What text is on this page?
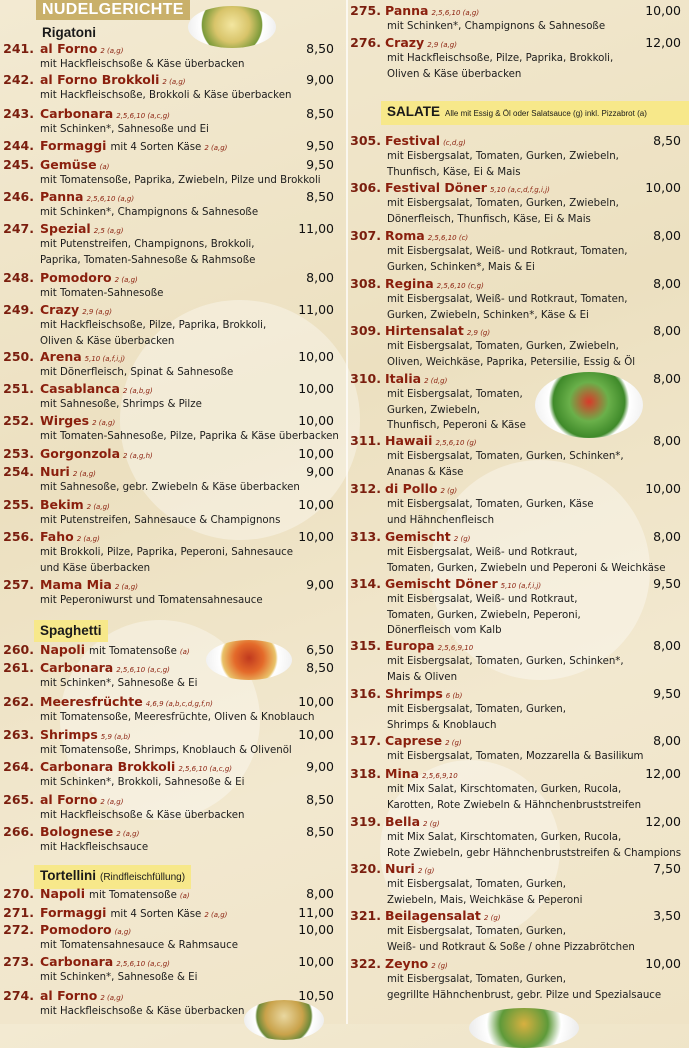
NUDELGERICHTE
Rigatoni
241. al Forno 2 (a,g)	8,50
mit Hackfleischsoße & Käse überbacken
242. al Forno Brokkoli 2 (a,g)	9,00
mit Hackfleischsoße, Brokkoli & Käse überbacken
243. Carbonara 2,5,6,10 (a,c,g)	8,50
mit Schinken*, Sahnesoße und Ei
244. Formaggi mit 4 Sorten Käse 2 (a,g)	9,50
245. Gemüse (a)	9,50
mit Tomatensoße, Paprika, Zwiebeln, Pilze und Brokkoli
246. Panna 2,5,6,10 (a,g)	8,50
mit Schinken*, Champignons & Sahnesoße
247. Spezial 2,5 (a,g)	11,00
mit Putenstreifen, Champignons, Brokkoli,
Paprika, Tomaten-Sahnesoße & Rahmsoße
248. Pomodoro 2 (a,g)	8,00
mit Tomaten-Sahnesoße
249. Crazy 2,9 (a,g)	11,00
mit Hackfleischsoße, Pilze, Paprika, Brokkoli,
Oliven & Käse überbacken
250. Arena 5,10 (a,f,i,j)	10,00
mit Dönerfleisch, Spinat & Sahnesoße
251. Casablanca 2 (a,b,g)	10,00
mit Sahnesoße, Shrimps & Pilze
252. Wirges 2 (a,g)	10,00
mit Tomaten-Sahnesoße, Pilze, Paprika & Käse überbacken
253. Gorgonzola 2 (a,g,h)	10,00
254. Nuri 2 (a,g)	9,00
mit Sahnesoße, gebr. Zwiebeln & Käse überbacken
255. Bekim 2 (a,g)	10,00
mit Putenstreifen, Sahnesauce & Champignons
256. Faho 2 (a,g)	10,00
mit Brokkoli, Pilze, Paprika, Peperoni, Sahnesauce
und Käse überbacken
257. Mama Mia 2 (a,g)	9,00
mit Peperoniwurst und Tomatensahnesauce
Spaghetti
260. Napoli mit Tomatensoße (a)	6,50
261. Carbonara 2,5,6,10 (a,c,g)	8,50
mit Schinken*, Sahnesoße & Ei
262. Meeresfrüchte 4,6,9 (a,b,c,d,g,f,n)	10,00
mit Tomatensoße, Meeresfrüchte, Oliven & Knoblauch
263. Shrimps 5,9 (a,b)	10,00
mit Tomatensoße, Shrimps, Knoblauch & Olivenöl
264. Carbonara Brokkoli 2,5,6,10 (a,c,g)	9,00
mit Schinken*, Brokkoli, Sahnesoße & Ei
265. al Forno 2 (a,g)	8,50
mit Hackfleischsoße & Käse überbacken
266. Bolognese 2 (a,g)	8,50
mit Hackfleischsauce
Tortellini (Rindfleischfüllung)
270. Napoli mit Tomatensoße (a)	8,00
271. Formaggi mit 4 Sorten Käse 2 (a,g)	11,00
272. Pomodoro (a,g)	10,00
mit Tomatensahnesauce & Rahmsauce
273. Carbonara 2,5,6,10 (a,c,g)	10,00
mit Schinken*, Sahnesoße & Ei
274. al Forno 2 (a,g)	10,50
mit Hackfleischsoße & Käse überbacken
275. Panna 2,5,6,10 (a,g)	10,00
mit Schinken*, Champignons & Sahnesoße
276. Crazy 2,9 (a,g)	12,00
mit Hackfleischsoße, Pilze, Paprika, Brokkoli,
Oliven & Käse überbacken
SALATE Alle mit Essig & Öl oder Salatsauce (g) inkl. Pizzabrot (a)
305. Festival (c,d,g)	8,50
mit Eisbergsalat, Tomaten, Gurken, Zwiebeln,
Thunfisch, Käse, Ei & Mais
306. Festival Döner 5,10 (a,c,d,f,g,i,j)	10,00
mit Eisbergsalat, Tomaten, Gurken, Zwiebeln,
Dönerfleisch, Thunfisch, Käse, Ei & Mais
307. Roma 2,5,6,10 (c)	8,00
mit Eisbergsalat, Weiß- und Rotkraut, Tomaten,
Gurken, Schinken*, Mais & Ei
308. Regina 2,5,6,10 (c,g)	8,00
mit Eisbergsalat, Weiß- und Rotkraut, Tomaten,
Gurken, Zwiebeln, Schinken*, Käse & Ei
309. Hirtensalat 2,9 (g)	8,00
mit Eisbergsalat, Tomaten, Gurken, Zwiebeln,
Oliven, Weichkäse, Paprika, Petersilie, Essig & Öl
310. Italia 2 (d,g)	8,00
mit Eisbergsalat, Tomaten,
Gurken, Zwiebeln,
Thunfisch, Peperoni & Käse
311. Hawaii 2,5,6,10 (g)	8,00
mit Eisbergsalat, Tomaten, Gurken, Schinken*,
Ananas & Käse
312. di Pollo 2 (g)	10,00
mit Eisbergsalat, Tomaten, Gurken, Käse
und Hähnchenfleisch
313. Gemischt 2 (g)	8,00
mit Eisbergsalat, Weiß- und Rotkraut,
Tomaten, Gurken, Zwiebeln und Peperoni & Weichkäse
314. Gemischt Döner 5,10 (a,f,i,j)	9,50
mit Eisbergsalat, Weiß- und Rotkraut,
Tomaten, Gurken, Zwiebeln, Peperoni,
Dönerfleisch vom Kalb
315. Europa 2,5,6,9,10	8,00
mit Eisbergsalat, Tomaten, Gurken, Schinken*,
Mais & Oliven
316. Shrimps 6 (b)	9,50
mit Eisbergsalat, Tomaten, Gurken,
Shrimps & Knoblauch
317. Caprese 2 (g)	8,00
mit Eisbergsalat, Tomaten, Mozzarella & Basilikum
318. Mina 2,5,6,9,10	12,00
mit Mix Salat, Kirschtomaten, Gurken, Rucola,
Karotten, Rote Zwiebeln & Hähnchenbruststreifen
319. Bella 2 (g)	12,00
mit Mix Salat, Kirschtomaten, Gurken, Rucola,
Rote Zwiebeln, gebr Hähnchenbruststreifen & Champions
320. Nuri 2 (g)	7,50
mit Eisbergsalat, Tomaten, Gurken,
Zwiebeln, Mais, Weichkäse & Peperoni
321. Beilagensalat 2 (g)	3,50
mit Eisbergsalat, Tomaten, Gurken,
Weiß- und Rotkraut & Soße / ohne Pizzabrötchen
322. Zeyno 2 (g)	10,00
mit Eisbergsalat, Tomaten, Gurken,
gegrillte Hähnchenbrust, gebr. Pilze und Spezialsauce
